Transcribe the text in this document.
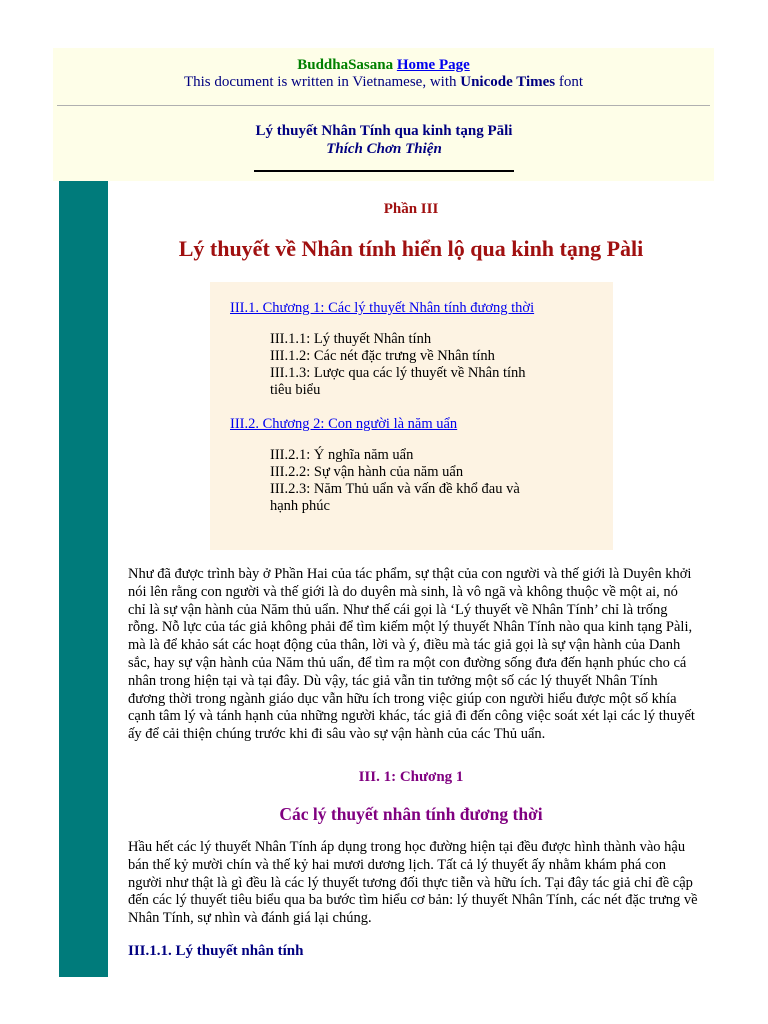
BuddhaSasana Home Page
This document is written in Vietnamese, with Unicode Times font
Lý thuyết Nhân Tính qua kinh tạng Pāli
Thích Chơn Thiện
Phần III
Lý thuyết về Nhân tính hiển lộ qua kinh tạng Pàli
III.1. Chương 1: Các lý thuyết Nhân tính đương thời
III.1.1: Lý thuyết Nhân tính
III.1.2: Các nét đặc trưng về Nhân tính
III.1.3: Lược qua các lý thuyết về Nhân tính tiêu biểu
III.2. Chương 2: Con người là năm uẩn
III.2.1: Ý nghĩa năm uẩn
III.2.2: Sự vận hành của năm uẩn
III.2.3: Năm Thủ uẩn và vấn đề khổ đau và hạnh phúc
Như đã được trình bày ở Phần Hai của tác phẩm, sự thật của con người và thế giới là Duyên khởi nói lên rằng con người và thế giới là do duyên mà sinh, là vô ngã và không thuộc về một ai, nó chỉ là sự vận hành của Năm thủ uẩn. Như thế cái gọi là ‘Lý thuyết về Nhân Tính’ chỉ là trống rỗng. Nỗ lực của tác giả không phải để tìm kiếm một lý thuyết Nhân Tính nào qua kinh tạng Pàli, mà là để khảo sát các hoạt động của thân, lời và ý, điều mà tác giả gọi là sự vận hành của Danh sắc, hay sự vận hành của Năm thủ uẩn, để tìm ra một con đường sống đưa đến hạnh phúc cho cá nhân trong hiện tại và tại đây. Dù vậy, tác giả vẫn tin tưởng một số các lý thuyết Nhân Tính đương thời trong ngành giáo dục vẫn hữu ích trong việc giúp con người hiểu được một số khía cạnh tâm lý và tánh hạnh của những người khác, tác giả đi đến công việc soát xét lại các lý thuyết ấy để cải thiện chúng trước khi đi sâu vào sự vận hành của các Thủ uẩn.
III. 1: Chương 1
Các lý thuyết nhân tính đương thời
Hầu hết các lý thuyết Nhân Tính áp dụng trong học đường hiện tại đều được hình thành vào hậu bán thế kỷ mười chín và thế kỷ hai mươi dương lịch. Tất cả lý thuyết ấy nhằm khám phá con người như thật là gì đều là các lý thuyết tương đối thực tiễn và hữu ích. Tại đây tác giả chỉ đề cập đến các lý thuyết tiêu biểu qua ba bước tìm hiểu cơ bản: lý thuyết Nhân Tính, các nét đặc trưng về Nhân Tính, sự nhìn và đánh giá lại chúng.
III.1.1. Lý thuyết nhân tính
